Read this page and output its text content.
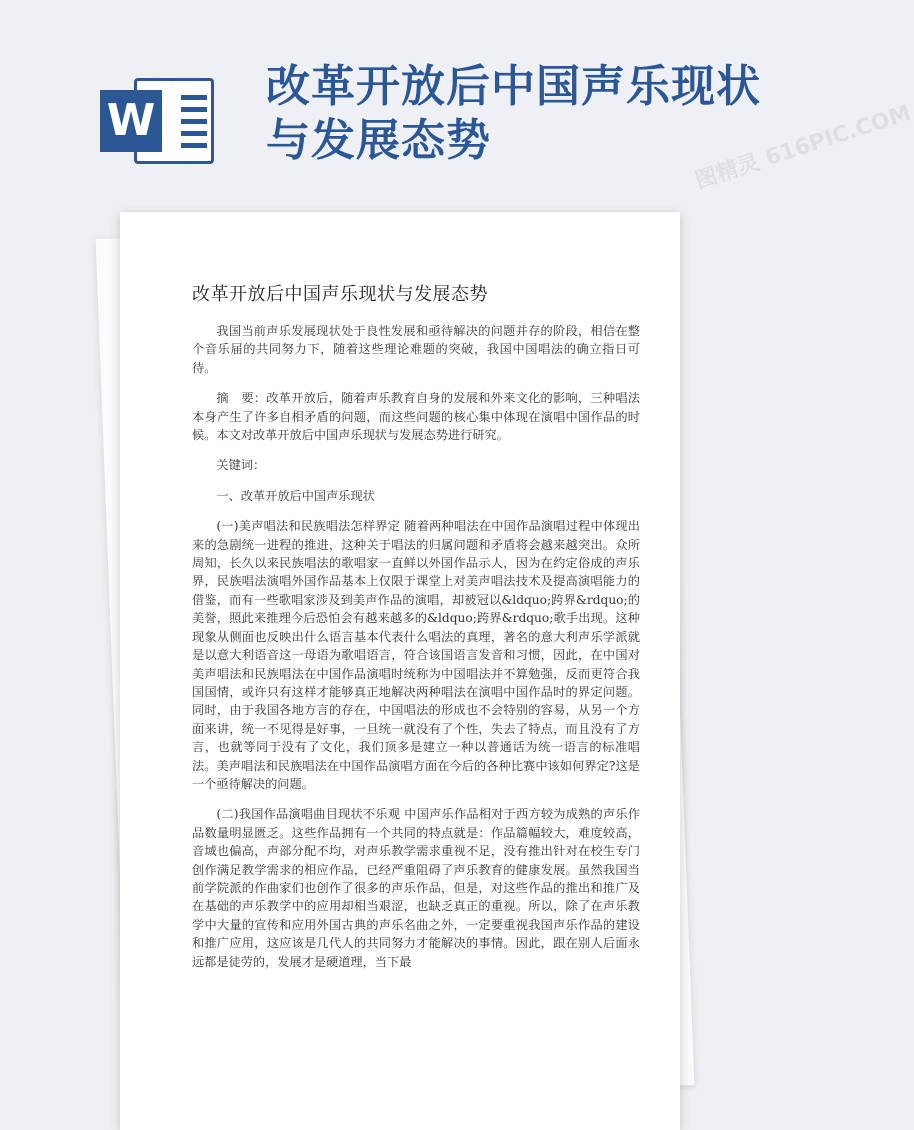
W
改革开放后中国声乐现状与发展态势
改革开放后中国声乐现状与发展态势

我国当前声乐发展现状处于良性发展和亟待解决的问题并存的阶段，相信在整个音乐届的共同努力下，随着这些理论难题的突破，我国中国唱法的确立指日可待。

摘　要：改革开放后，随着声乐教育自身的发展和外来文化的影响，三种唱法本身产生了许多自相矛盾的问题，而这些问题的核心集中体现在演唱中国作品的时候。本文对改革开放后中国声乐现状与发展态势进行研究。

关键词：

一、改革开放后中国声乐现状

(一)美声唱法和民族唱法怎样界定 随着两种唱法在中国作品演唱过程中体现出来的急剧统一进程的推进，这种关于唱法的归属问题和矛盾将会越来越突出。众所周知，长久以来民族唱法的歌唱家一直鲜以外国作品示人，因为在约定俗成的声乐界，民族唱法演唱外国作品基本上仅限于课堂上对美声唱法技术及提高演唱能力的借鉴，而有一些歌唱家涉及到美声作品的演唱，却被冠以&ldquo;跨界&rdquo;的美誉，照此来推理今后恐怕会有越来越多的&ldquo;跨界&rdquo;歌手出现。这种现象从侧面也反映出什么语言基本代表什么唱法的真理，著名的意大利声乐学派就是以意大利语音这一母语为歌唱语言，符合该国语言发音和习惯，因此，在中国对美声唱法和民族唱法在中国作品演唱时统称为中国唱法并不算勉强，反而更符合我国国情，或许只有这样才能够真正地解决两种唱法在演唱中国作品时的界定问题。同时，由于我国各地方言的存在，中国唱法的形成也不会特别的容易，从另一个方面来讲，统一不见得是好事，一旦统一就没有了个性，失去了特点，而且没有了方言，也就等同于没有了文化，我们顶多是建立一种以普通话为统一语言的标准唱法。美声唱法和民族唱法在中国作品演唱方面在今后的各种比赛中该如何界定?这是一个亟待解决的问题。

(二)我国作品演唱曲目现状不乐观 中国声乐作品相对于西方较为成熟的声乐作品数量明显匮乏。这些作品拥有一个共同的特点就是：作品篇幅较大，难度较高，音域也偏高，声部分配不均，对声乐教学需求重视不足，没有推出针对在校生专门创作满足教学需求的相应作品，已经严重阻碍了声乐教育的健康发展。虽然我国当前学院派的作曲家们也创作了很多的声乐作品，但是，对这些作品的推出和推广及在基础的声乐教学中的应用却相当艰涩，也缺乏真正的重视。所以，除了在声乐教学中大量的宣传和应用外国古典的声乐名曲之外，一定要重视我国声乐作品的建设和推广应用，这应该是几代人的共同努力才能解决的事情。因此，跟在别人后面永远都是徒劳的，发展才是硬道理，当下最

图精灵 616PIC.COM
